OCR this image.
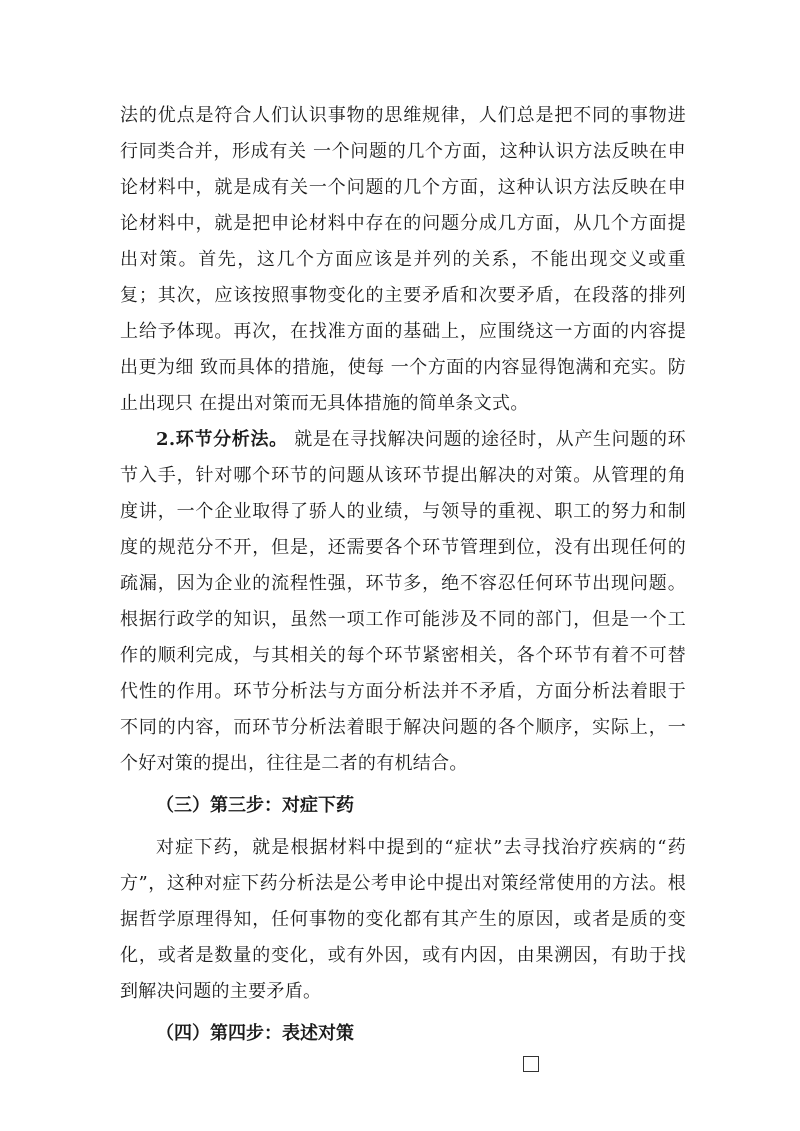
法的优点是符合人们认识事物的思维规律，人们总是把不同的事物进行同类合并，形成有关 一个问题的几个方面，这种认识方法反映在申论材料中，就是成有关一个问题的几个方面，这种认识方法反映在申论材料中，就是把申论材料中存在的问题分成几方面，从几个方面提出对策。首先，这几个方面应该是并列的关系，不能出现交义或重复；其次，应该按照事物变化的主要矛盾和次要矛盾，在段落的排列上给予体现。再次，在找准方面的基础上，应围绕这一方面的内容提出更为细 致而具体的措施，使每 一个方面的内容显得饱满和充实。防止出现只 在提出对策而无具体措施的简单条文式。

2.环节分析法。 就是在寻找解决问题的途径时，从产生问题的环节入手，针对哪个环节的问题从该环节提出解决的对策。从管理的角度讲，一个企业取得了骄人的业绩，与领导的重视、职工的努力和制度的规范分不开，但是，还需要各个环节管理到位，没有出现任何的疏漏，因为企业的流程性强，环节多，绝不容忍任何环节出现问题。根据行政学的知识，虽然一项工作可能涉及不同的部门，但是一个工作的顺利完成，与其相关的每个环节紧密相关，各个环节有着不可替代性的作用。环节分析法与方面分析法并不矛盾，方面分析法着眼于不同的内容，而环节分析法着眼于解决问题的各个顺序，实际上，一个好对策的提出，往往是二者的有机结合。

（三）第三步：对症下药

对症下药，就是根据材料中提到的“症状”去寻找治疗疾病的“药方”，这种对症下药分析法是公考申论中提出对策经常使用的方法。根据哲学原理得知，任何事物的变化都有其产生的原因，或者是质的变化，或者是数量的变化，或有外因，或有内因，由果溯因，有助于找到解决问题的主要矛盾。

（四）第四步：表述对策
